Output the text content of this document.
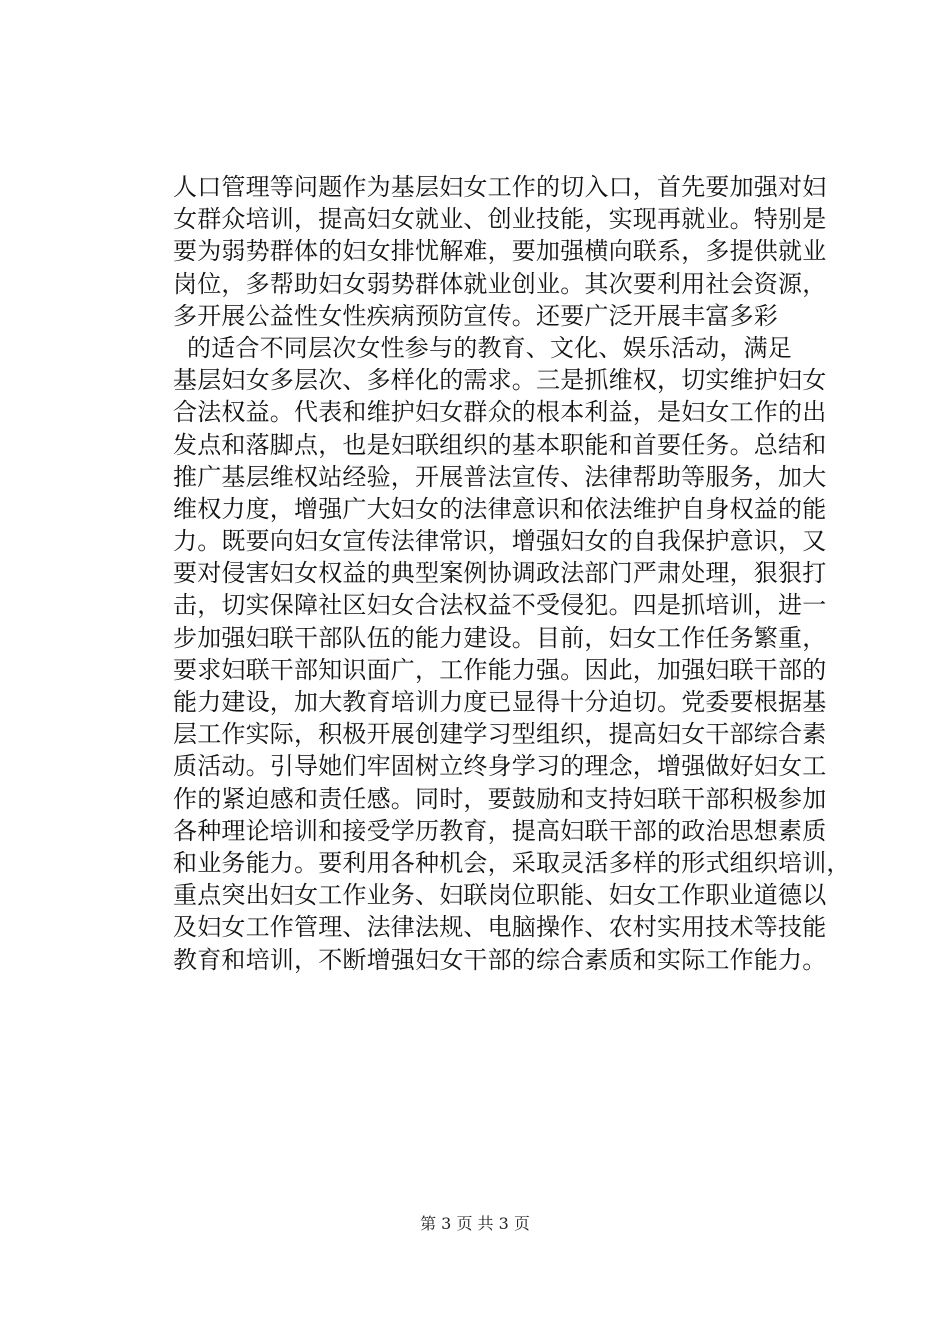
人口管理等问题作为基层妇女工作的切入口，首先要加强对妇
女群众培训，提高妇女就业、创业技能，实现再就业。特别是
要为弱势群体的妇女排忧解难，要加强横向联系，多提供就业
岗位，多帮助妇女弱势群体就业创业。其次要利用社会资源，
多开展公益性女性疾病预防宣传。还要广泛开展丰富多彩
的适合不同层次女性参与的教育、文化、娱乐活动，满足
基层妇女多层次、多样化的需求。三是抓维权，切实维护妇女
合法权益。代表和维护妇女群众的根本利益，是妇女工作的出
发点和落脚点，也是妇联组织的基本职能和首要任务。总结和
推广基层维权站经验，开展普法宣传、法律帮助等服务，加大
维权力度，增强广大妇女的法律意识和依法维护自身权益的能
力。既要向妇女宣传法律常识，增强妇女的自我保护意识，又
要对侵害妇女权益的典型案例协调政法部门严肃处理，狠狠打
击，切实保障社区妇女合法权益不受侵犯。四是抓培训，进一
步加强妇联干部队伍的能力建设。目前，妇女工作任务繁重，
要求妇联干部知识面广，工作能力强。因此，加强妇联干部的
能力建设，加大教育培训力度已显得十分迫切。党委要根据基
层工作实际，积极开展创建学习型组织，提高妇女干部综合素
质活动。引导她们牢固树立终身学习的理念，增强做好妇女工
作的紧迫感和责任感。同时，要鼓励和支持妇联干部积极参加
各种理论培训和接受学历教育，提高妇联干部的政治思想素质
和业务能力。要利用各种机会，采取灵活多样的形式组织培训，
重点突出妇女工作业务、妇联岗位职能、妇女工作职业道德以
及妇女工作管理、法律法规、电脑操作、农村实用技术等技能
教育和培训，不断增强妇女干部的综合素质和实际工作能力。
第 3 页 共 3 页
